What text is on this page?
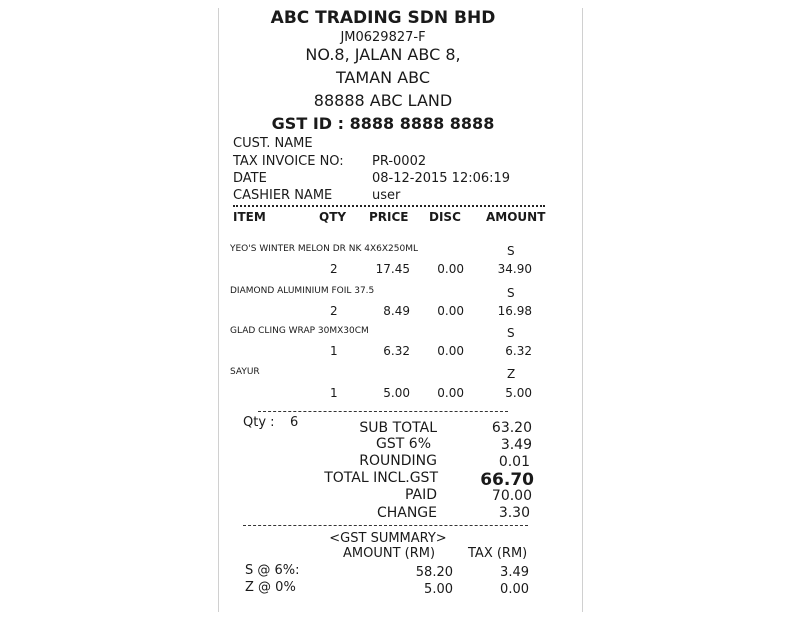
ABC TRADING SDN BHD
JM0629827-F
NO.8, JALAN ABC 8,
TAMAN ABC
88888 ABC LAND
GST ID : 8888 8888 8888
CUST. NAME
TAX INVOICE NO: PR-0002
DATE	08-12-2015 12:06:19
CASHIER NAME	user
ITEM	QTY PRICE DISC AMOUNT
YEO'S WINTER MELON DR NK 4X6X250ML	S
2	17.45	0.00	34.90
DIAMOND ALUMINIUM FOIL 37.5	S
2	8.49	0.00	16.98
GLAD CLING WRAP 30MX30CM	S
1	6.32	0.00	6.32
SAYUR	Z
1	5.00	0.00	5.00
Qty : 6	SUB TOTAL	63.20
GST 6%	3.49
ROUNDING	0.01
TOTAL INCL.GST	66.70
PAID	70.00
CHANGE	3.30
<GST SUMMARY>
AMOUNT (RM)	TAX (RM)
S @ 6%:	58.20	3.49
Z @ 0%	5.00	0.00
